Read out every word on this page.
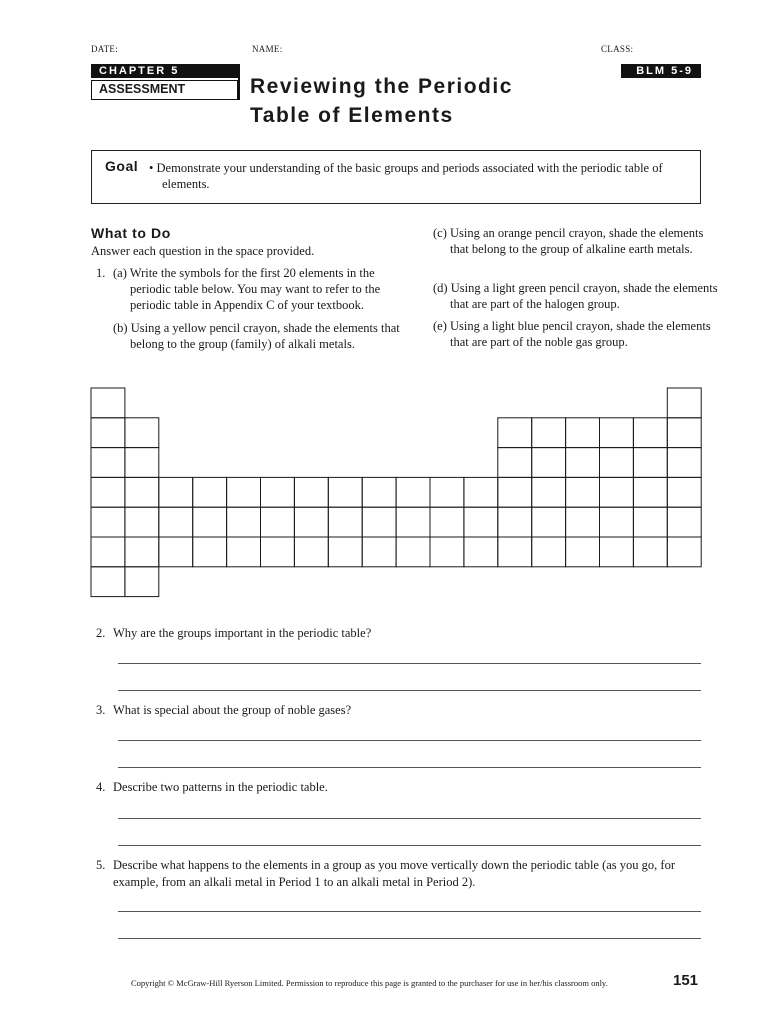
DATE:	NAME:	CLASS:
CHAPTER 5
ASSESSMENT
BLM 5-9
Reviewing the Periodic
Table of Elements
Goal • Demonstrate your understanding of the basic groups and periods associated with the periodic table of elements.
What to Do
Answer each question in the space provided.
1. (a) Write the symbols for the first 20 elements in the periodic table below. You may want to refer to the periodic table in Appendix C of your textbook.
(b) Using a yellow pencil crayon, shade the elements that belong to the group (family) of alkali metals.
(c) Using an orange pencil crayon, shade the elements that belong to the group of alkaline earth metals.
(d) Using a light green pencil crayon, shade the elements that are part of the halogen group.
(e) Using a light blue pencil crayon, shade the elements that are part of the noble gas group.
2. Why are the groups important in the periodic table?
3. What is special about the group of noble gases?
4. Describe two patterns in the periodic table.
5. Describe what happens to the elements in a group as you move vertically down the periodic table (as you go, for example, from an alkali metal in Period 1 to an alkali metal in Period 2).
Copyright © McGraw-Hill Ryerson Limited. Permission to reproduce this page is granted to the purchaser for use in her/his classroom only.	151
